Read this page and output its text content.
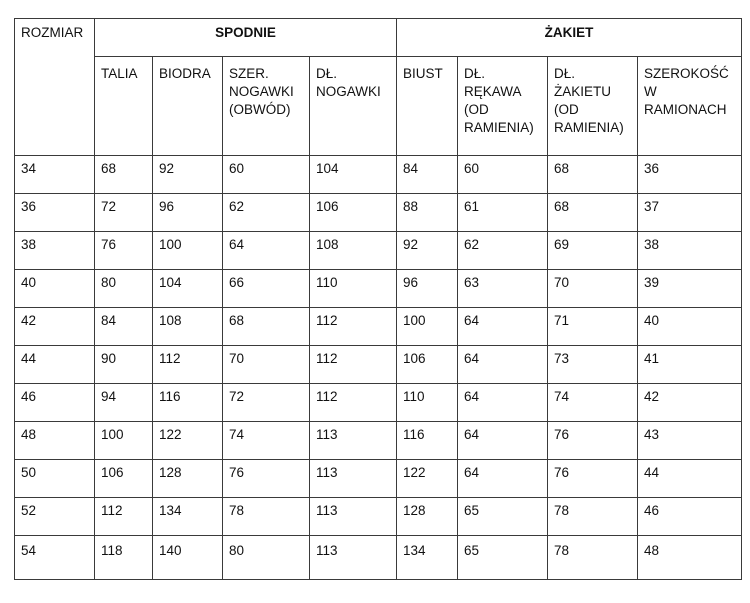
ROZMIAR	SPODNIE				ŻAKIET			
	TALIA	BIODRA	SZER. NOGAWKI (OBWÓD)	DŁ. NOGAWKI	BIUST	DŁ. RĘKAWA (OD RAMIENIA)	DŁ. ŻAKIETU (OD RAMIENIA)	SZEROKOŚĆ W RAMIONACH
34	68	92	60	104	84	60	68	36
36	72	96	62	106	88	61	68	37
38	76	100	64	108	92	62	69	38
40	80	104	66	110	96	63	70	39
42	84	108	68	112	100	64	71	40
44	90	112	70	112	106	64	73	41
46	94	116	72	112	110	64	74	42
48	100	122	74	113	116	64	76	43
50	106	128	76	113	122	64	76	44
52	112	134	78	113	128	65	78	46
54	118	140	80	113	134	65	78	48
